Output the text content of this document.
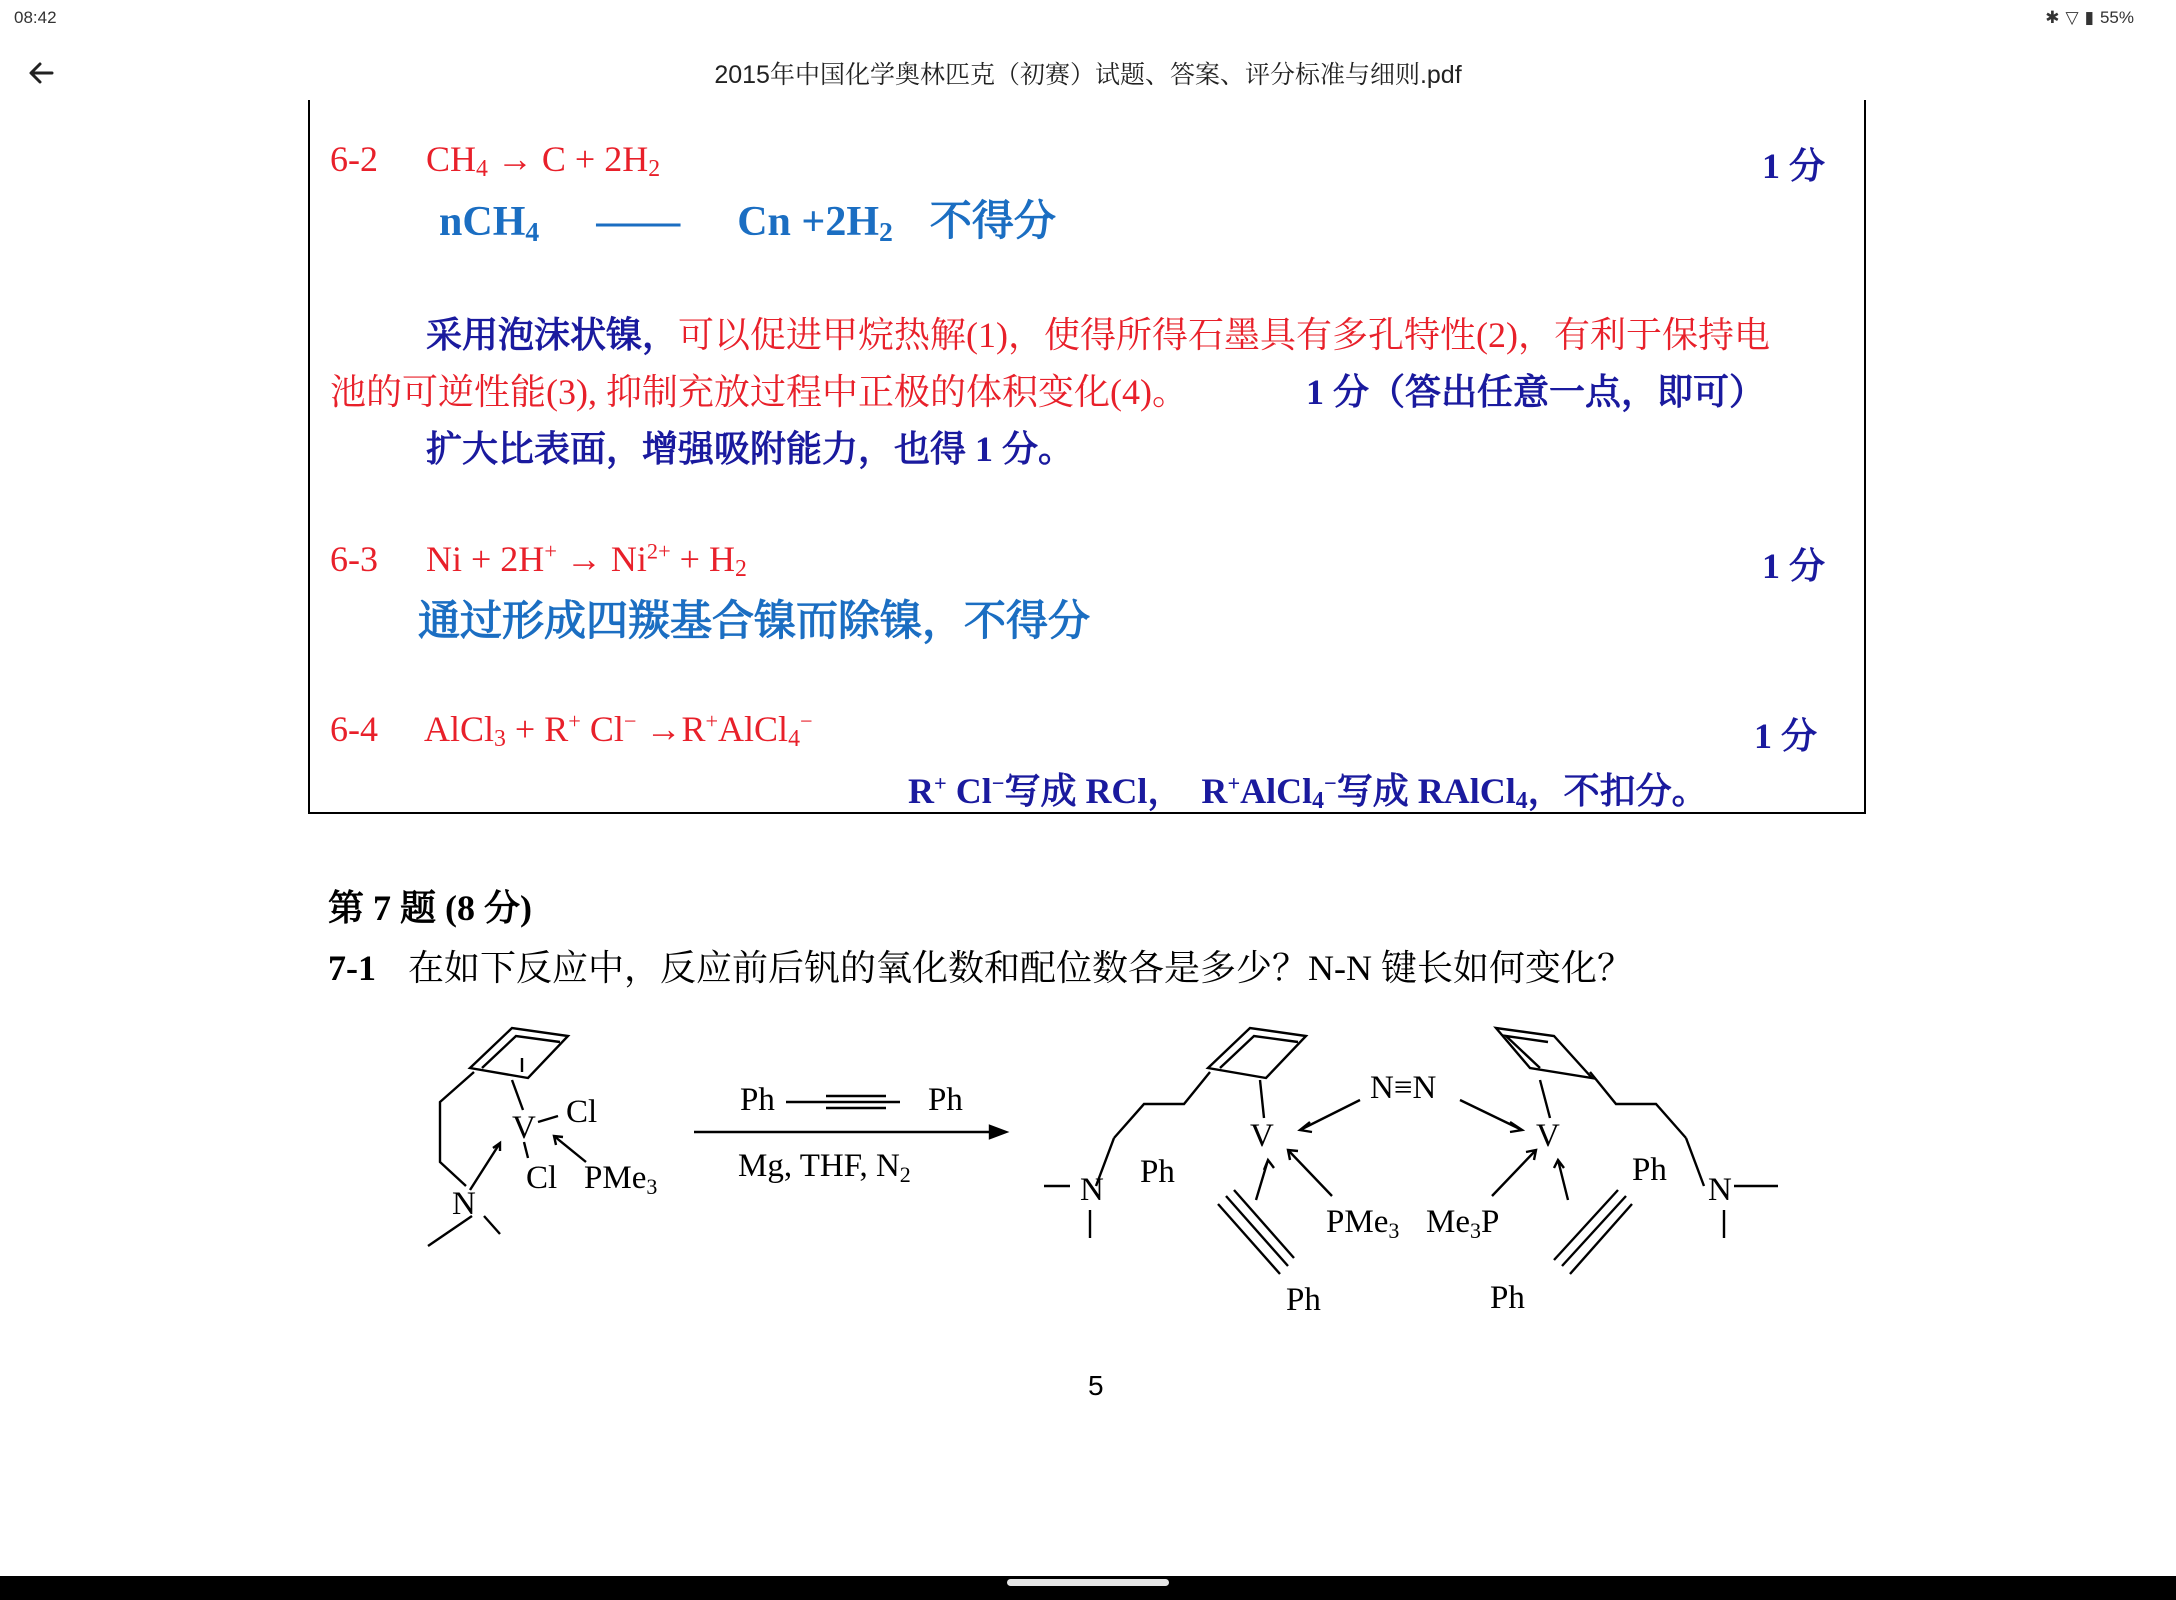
08:42	✱ ▽ ▮ 55%
2015年中国化学奥林匹克（初赛）试题、答案、评分标准与细则.pdf
6-2 $CH_4 \to C + 2H_2$	1 分
nCH$_4$ —— $Cn +2H_2$ 不得分
采用泡沫状镍，可以促进甲烷热解(1)，使得所得石墨具有多孔特性(2)，有利于保持电
池的可逆性能(3), 抑制充放过程中正极的体积变化(4)。	1 分（答出任意一点，即可）
扩大比表面，增强吸附能力，也得 1 分。
6-3 $Ni + 2H^+ \to Ni^{2+} + H_2$	1 分
通过形成四羰基合镍而除镍，不得分
6-4 AlCl$_3$ + R+ Cl− →R+AlCl$_4$−	1 分
R+ Cl−写成 RCl，　R+AlCl$_4$−写成 RAlCl$_4$，不扣分。
第 7 题 (8 分)
7-1 在如下反应中，反应前后钒的氧化数和配位数各是多少？N-N 键长如何变化？
V Cl
Cl
N
PMe3
Ph	Ph
Mg, THF, N2
V	V
N≡N
N	N
Ph
Ph
Ph
Ph
PMe3 Me3P
5
